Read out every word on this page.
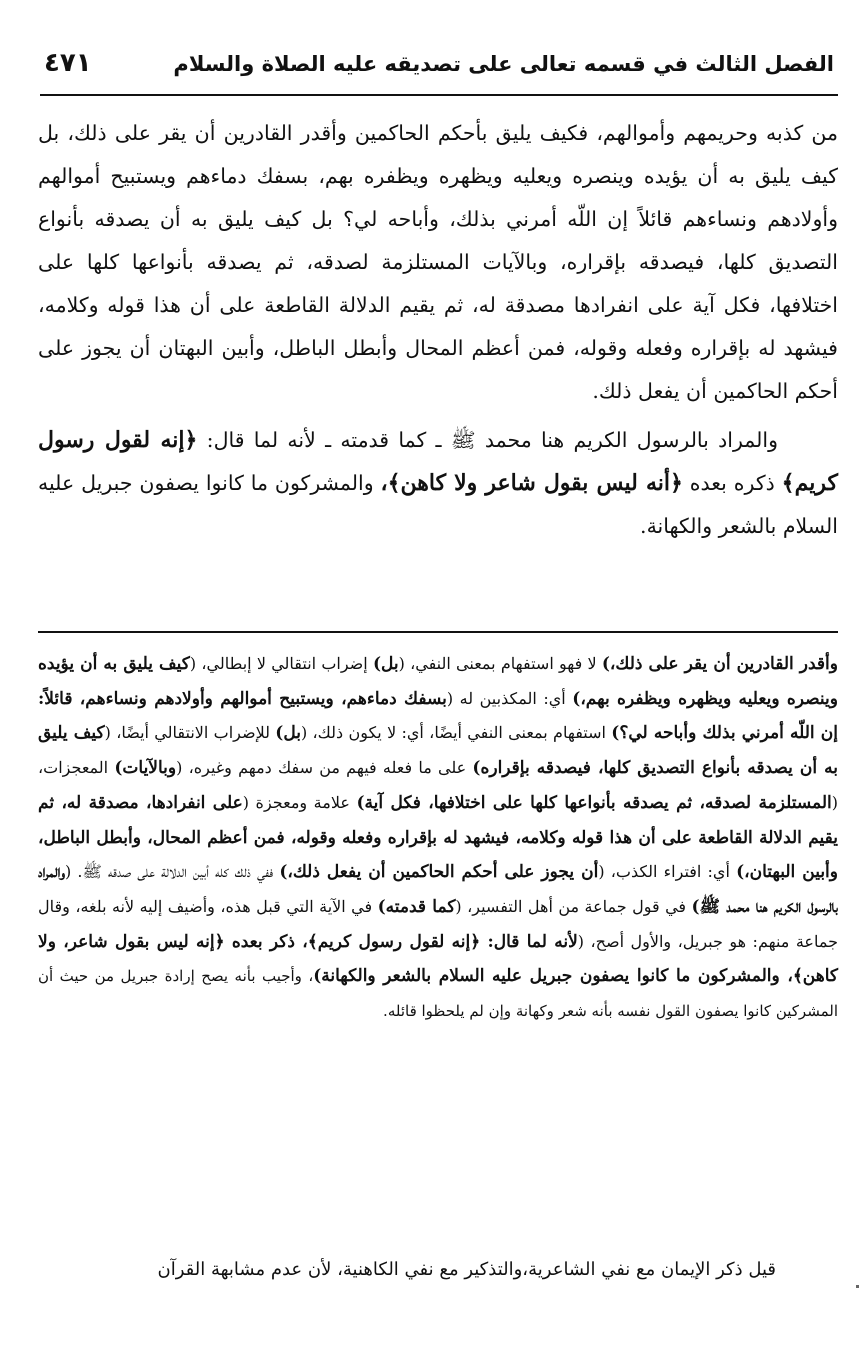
الفصل الثالث في قسمه تعالى على تصديقه عليه الصلاة والسلام
٤٧١

من كذبه وحريمهم وأموالهم، فكيف يليق بأحكم الحاكمين وأقدر القادرين أن يقر على ذلك، بل كيف يليق به أن يؤيده وينصره ويعليه ويظهره ويظفره بهم، بسفك دماءهم ويستبيح أموالهم وأولادهم ونساءهم قائلاً إن اللّه أمرني بذلك، وأباحه لي؟ بل كيف يليق به أن يصدقه بأنواع التصديق كلها، فيصدقه بإقراره، وبالآيات المستلزمة لصدقه، ثم يصدقه بأنواعها كلها على اختلافها، فكل آية على انفرادها مصدقة له، ثم يقيم الدلالة القاطعة على أن هذا قوله وكلامه، فيشهد له بإقراره وفعله وقوله، فمن أعظم المحال وأبطل الباطل، وأبين البهتان أن يجوز على أحكم الحاكمين أن يفعل ذلك.

والمراد بالرسول الكريم هنا محمد ﷺ ـ كما قدمته ـ لأنه لما قال: ﴿إنه لقول رسول كريم﴾ ذكره بعده ﴿أنه ليس بقول شاعر ولا كاهن﴾، والمشركون ما كانوا يصفون جبريل عليه السلام بالشعر والكهانة.

وأقدر القادرين أن يقر على ذلك،) لا فهو استفهام بمعنى النفي، (بل) إضراب انتقالي لا إبطالي، (كيف يليق به أن يؤيده وينصره ويعليه ويظهره ويظفره بهم،) أي: المكذبين له (بسفك دماءهم، ويستبيح أموالهم وأولادهم ونساءهم، قائلاً: إن اللّه أمرني بذلك وأباحه لي؟) استفهام بمعنى النفي أيضًا، أي: لا يكون ذلك، (بل) للإضراب الانتقالي أيضًا، (كيف يليق به أن يصدقه بأنواع التصديق كلها، فيصدقه بإقراره) على ما فعله فيهم من سفك دمهم وغيره، (وبالآيات) المعجزات، (المستلزمة لصدقه، ثم يصدقه بأنواعها كلها على اختلافها، فكل آية) علامة ومعجزة (على انفرادها، مصدقة له، ثم يقيم الدلالة القاطعة على أن هذا قوله وكلامه، فيشهد له بإقراره وفعله وقوله، فمن أعظم المحال، وأبطل الباطل، وأبين البهتان،) أي: افتراء الكذب، (أن يجوز على أحكم الحاكمين أن يفعل ذلك،) ففي ذلك كله أبين الدلالة على صدقه ﷺ. (والمراد بالرسول الكريم هنا محمد ﷺ) في قول جماعة من أهل التفسير، (كما قدمته) في الآية التي قبل هذه، وأضيف إليه لأنه بلغه، وقال جماعة منهم: هو جبريل، والأول أصح، (لأنه لما قال: ﴿إنه لقول رسول كريم﴾، ذكر بعده ﴿إنه ليس بقول شاعر، ولا كاهن﴾، والمشركون ما كانوا يصفون جبريل عليه السلام بالشعر والكهانة)، وأجيب بأنه يصح إرادة جبريل من حيث أن المشركين كانوا يصفون القول نفسه بأنه شعر وكهانة وإن لم يلحظوا قائله.

قيل ذكر الإيمان مع نفي الشاعرية،والتذكير مع نفي الكاهنية، لأن عدم مشابهة القرآن
